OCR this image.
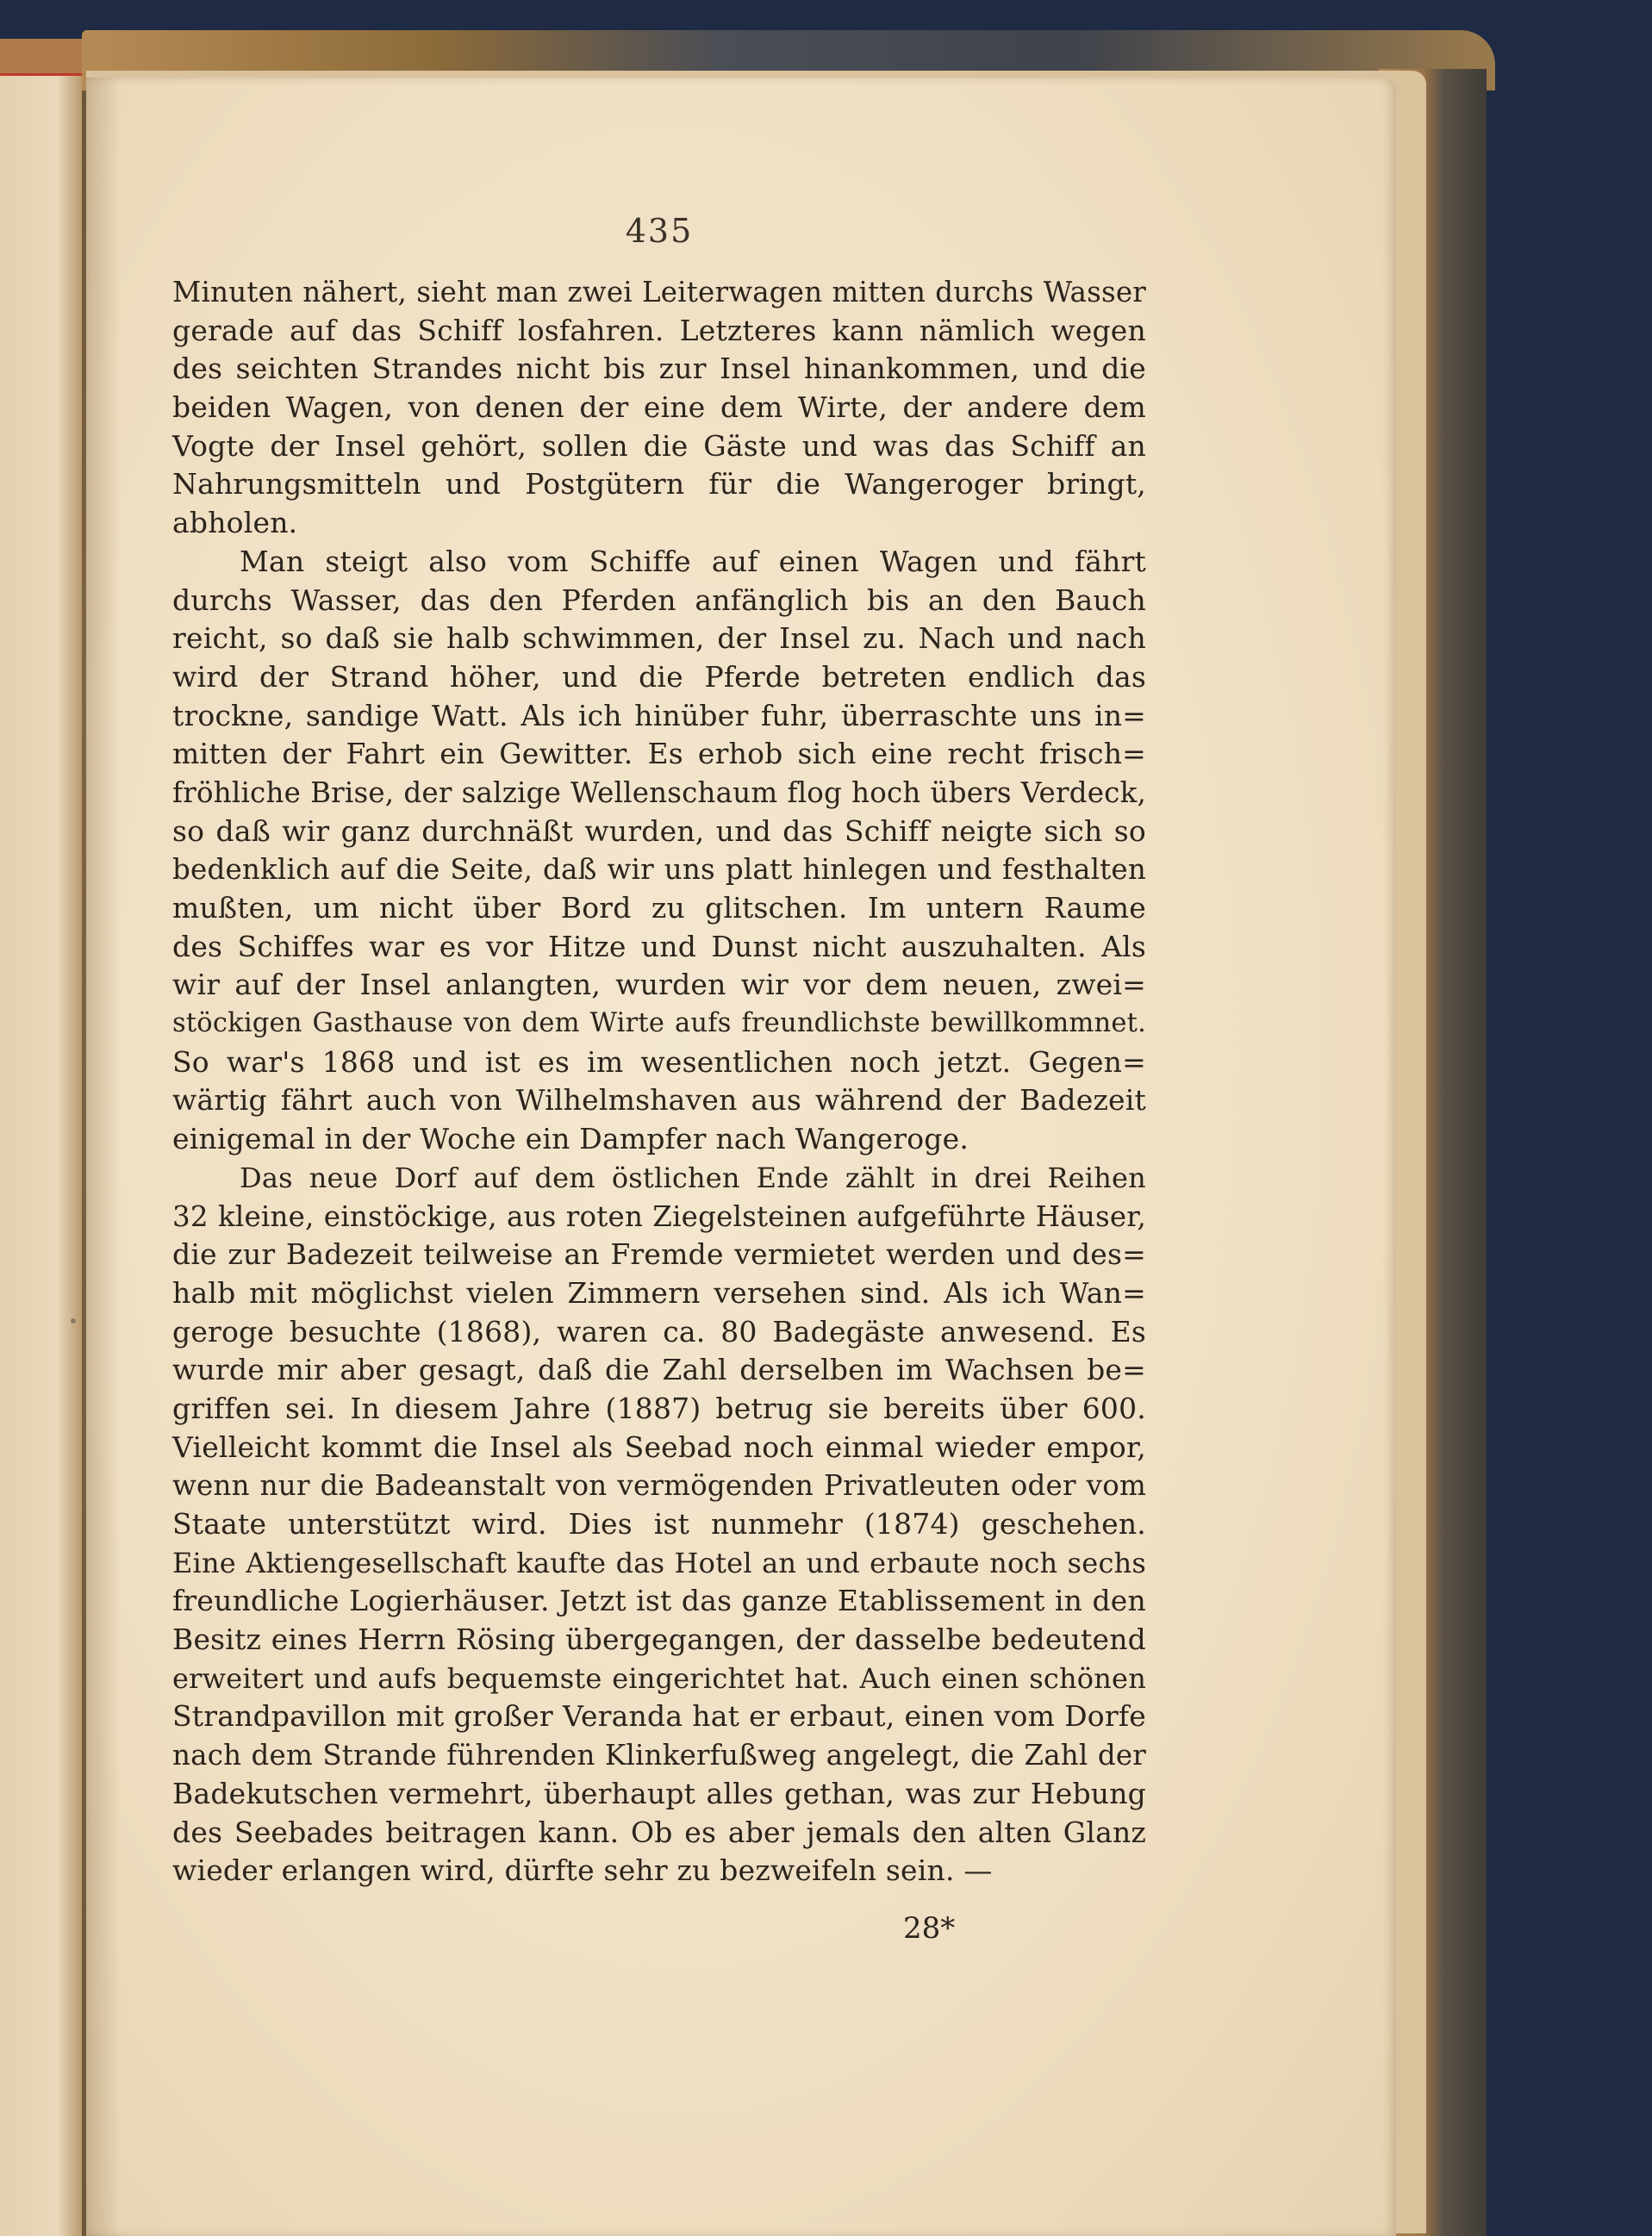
435
Minuten nähert, sieht man zwei Leiterwagen mitten durchs Wasser
gerade auf das Schiff losfahren. Letzteres kann nämlich wegen
des seichten Strandes nicht bis zur Insel hinankommen, und die
beiden Wagen, von denen der eine dem Wirte, der andere dem
Vogte der Insel gehört, sollen die Gäste und was das Schiff an
Nahrungsmitteln und Postgütern für die Wangeroger bringt,
abholen.
Man steigt also vom Schiffe auf einen Wagen und fährt
durchs Wasser, das den Pferden anfänglich bis an den Bauch
reicht, so daß sie halb schwimmen, der Insel zu. Nach und nach
wird der Strand höher, und die Pferde betreten endlich das
trockne, sandige Watt. Als ich hinüber fuhr, überraschte uns in=
mitten der Fahrt ein Gewitter. Es erhob sich eine recht frisch=
fröhliche Brise, der salzige Wellenschaum flog hoch übers Verdeck,
so daß wir ganz durchnäßt wurden, und das Schiff neigte sich so
bedenklich auf die Seite, daß wir uns platt hinlegen und festhalten
mußten, um nicht über Bord zu glitschen. Im untern Raume
des Schiffes war es vor Hitze und Dunst nicht auszuhalten. Als
wir auf der Insel anlangten, wurden wir vor dem neuen, zwei=
stöckigen Gasthause von dem Wirte aufs freundlichste bewillkommnet.
So war's 1868 und ist es im wesentlichen noch jetzt. Gegen=
wärtig fährt auch von Wilhelmshaven aus während der Badezeit
einigemal in der Woche ein Dampfer nach Wangeroge.
Das neue Dorf auf dem östlichen Ende zählt in drei Reihen
32 kleine, einstöckige, aus roten Ziegelsteinen aufgeführte Häuser,
die zur Badezeit teilweise an Fremde vermietet werden und des=
halb mit möglichst vielen Zimmern versehen sind. Als ich Wan=
geroge besuchte (1868), waren ca. 80 Badegäste anwesend. Es
wurde mir aber gesagt, daß die Zahl derselben im Wachsen be=
griffen sei. In diesem Jahre (1887) betrug sie bereits über 600.
Vielleicht kommt die Insel als Seebad noch einmal wieder empor,
wenn nur die Badeanstalt von vermögenden Privatleuten oder vom
Staate unterstützt wird. Dies ist nunmehr (1874) geschehen.
Eine Aktiengesellschaft kaufte das Hotel an und erbaute noch sechs
freundliche Logierhäuser. Jetzt ist das ganze Etablissement in den
Besitz eines Herrn Rösing übergegangen, der dasselbe bedeutend
erweitert und aufs bequemste eingerichtet hat. Auch einen schönen
Strandpavillon mit großer Veranda hat er erbaut, einen vom Dorfe
nach dem Strande führenden Klinkerfußweg angelegt, die Zahl der
Badekutschen vermehrt, überhaupt alles gethan, was zur Hebung
des Seebades beitragen kann. Ob es aber jemals den alten Glanz
wieder erlangen wird, dürfte sehr zu bezweifeln sein. —
28*
